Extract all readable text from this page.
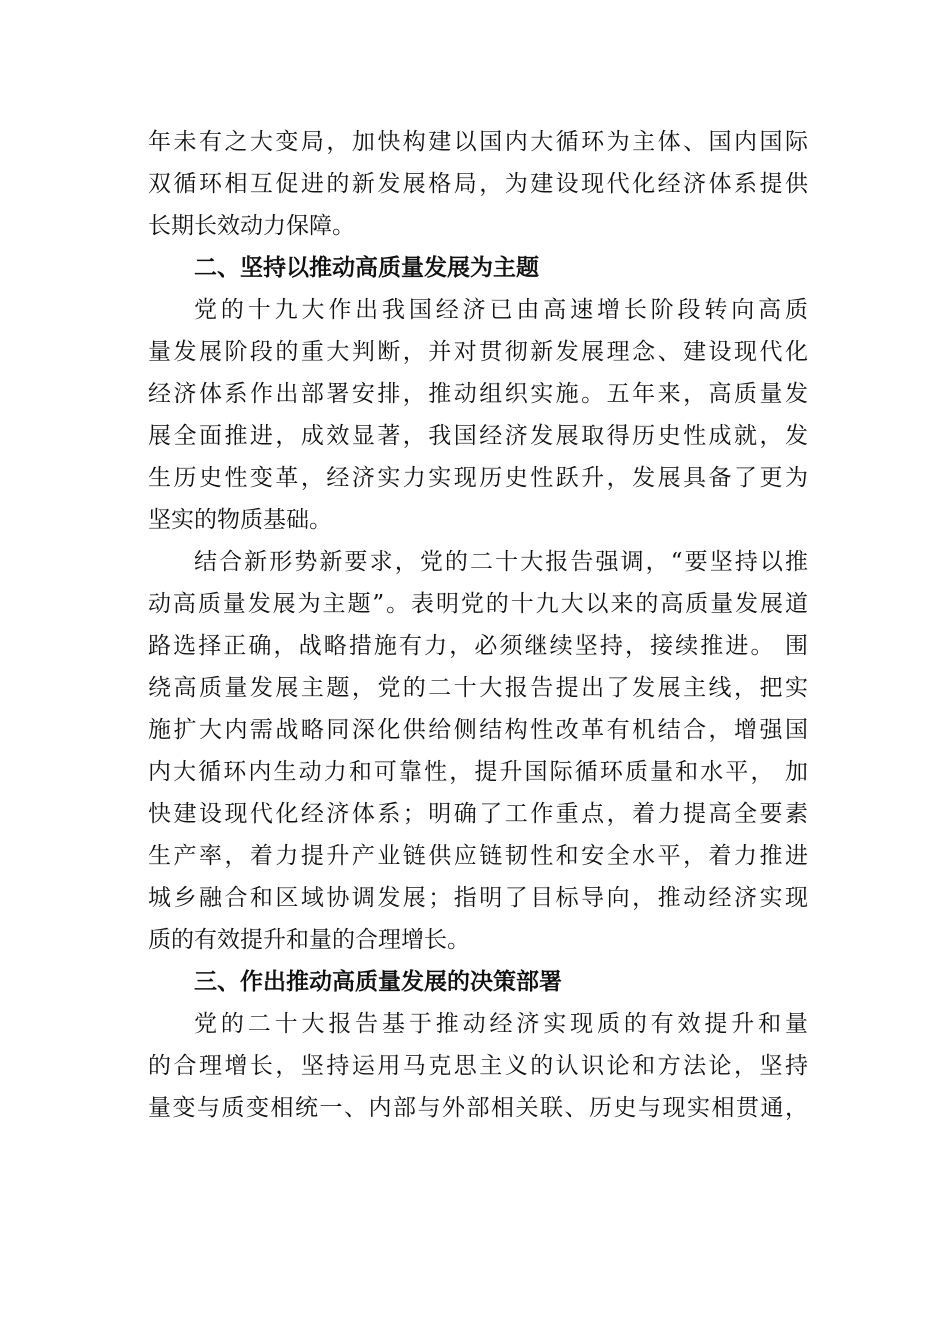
年未有之大变局，加快构建以国内大循环为主体、国内国际
双循环相互促进的新发展格局，为建设现代化经济体系提供
长期长效动力保障。
二、坚持以推动高质量发展为主题
党的十九大作出我国经济已由高速增长阶段转向高质
量发展阶段的重大判断，并对贯彻新发展理念、建设现代化
经济体系作出部署安排，推动组织实施。五年来，高质量发
展全面推进，成效显著，我国经济发展取得历史性成就，发
生历史性变革，经济实力实现历史性跃升，发展具备了更为
坚实的物质基础。
结合新形势新要求，党的二十大报告强调，“要坚持以推
动高质量发展为主题”。表明党的十九大以来的高质量发展道
路选择正确，战略措施有力，必须继续坚持，接续推进。 围
绕高质量发展主题，党的二十大报告提出了发展主线，把实
施扩大内需战略同深化供给侧结构性改革有机结合，增强国
内大循环内生动力和可靠性，提升国际循环质量和水平， 加
快建设现代化经济体系；明确了工作重点，着力提高全要素
生产率，着力提升产业链供应链韧性和安全水平，着力推进
城乡融合和区域协调发展；指明了目标导向，推动经济实现
质的有效提升和量的合理增长。
三、作出推动高质量发展的决策部署
党的二十大报告基于推动经济实现质的有效提升和量
的合理增长，坚持运用马克思主义的认识论和方法论，坚持
量变与质变相统一、内部与外部相关联、历史与现实相贯通，
